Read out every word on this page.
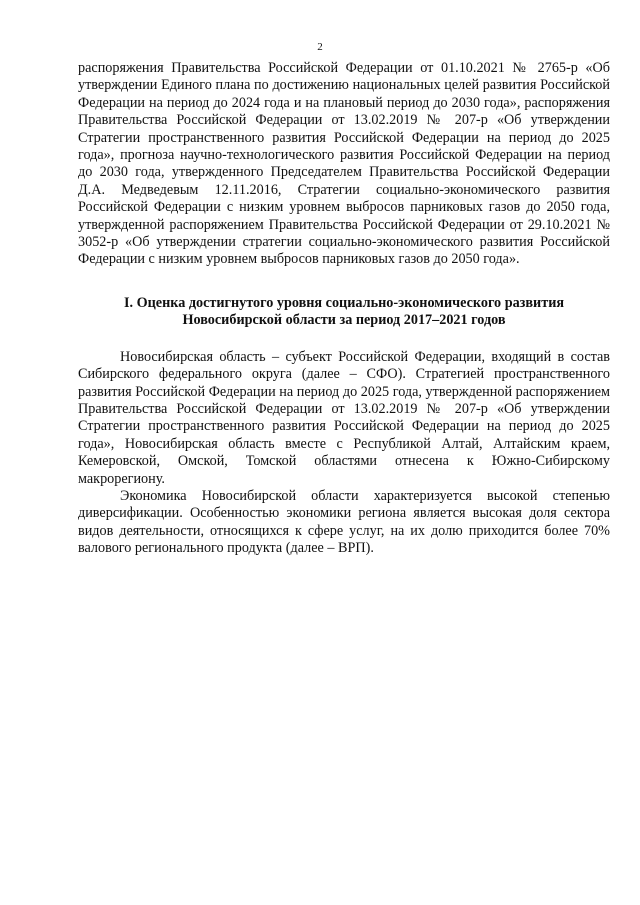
2

распоряжения Правительства Российской Федерации от 01.10.2021 № 2765-р «Об утверждении Единого плана по достижению национальных целей развития Российской Федерации на период до 2024 года и на плановый период до 2030 года», распоряжения Правительства Российской Федерации от 13.02.2019 № 207-р «Об утверждении Стратегии пространственного развития Российской Федерации на период до 2025 года», прогноза научно-технологического развития Российской Федерации на период до 2030 года, утвержденного Председателем Правительства Российской Федерации Д.А. Медведевым 12.11.2016, Стратегии социально-экономического развития Российской Федерации с низким уровнем выбросов парниковых газов до 2050 года, утвержденной распоряжением Правительства Российской Федерации от 29.10.2021 № 3052-р «Об утверждении стратегии социально-экономического развития Российской Федерации с низким уровнем выбросов парниковых газов до 2050 года».

I. Оценка достигнутого уровня социально-экономического развития
Новосибирской области за период 2017–2021 годов

Новосибирская область – субъект Российской Федерации, входящий в состав Сибирского федерального округа (далее – СФО). Стратегией пространственного развития Российской Федерации на период до 2025 года, утвержденной распоряжением Правительства Российской Федерации от 13.02.2019 № 207-р «Об утверждении Стратегии пространственного развития Российской Федерации на период до 2025 года», Новосибирская область вместе с Республикой Алтай, Алтайским краем, Кемеровской, Омской, Томской областями отнесена к Южно-Сибирскому макрорегиону.

Экономика Новосибирской области характеризуется высокой степенью диверсификации. Особенностью экономики региона является высокая доля сектора видов деятельности, относящихся к сфере услуг, на их долю приходится более 70% валового регионального продукта (далее – ВРП).
